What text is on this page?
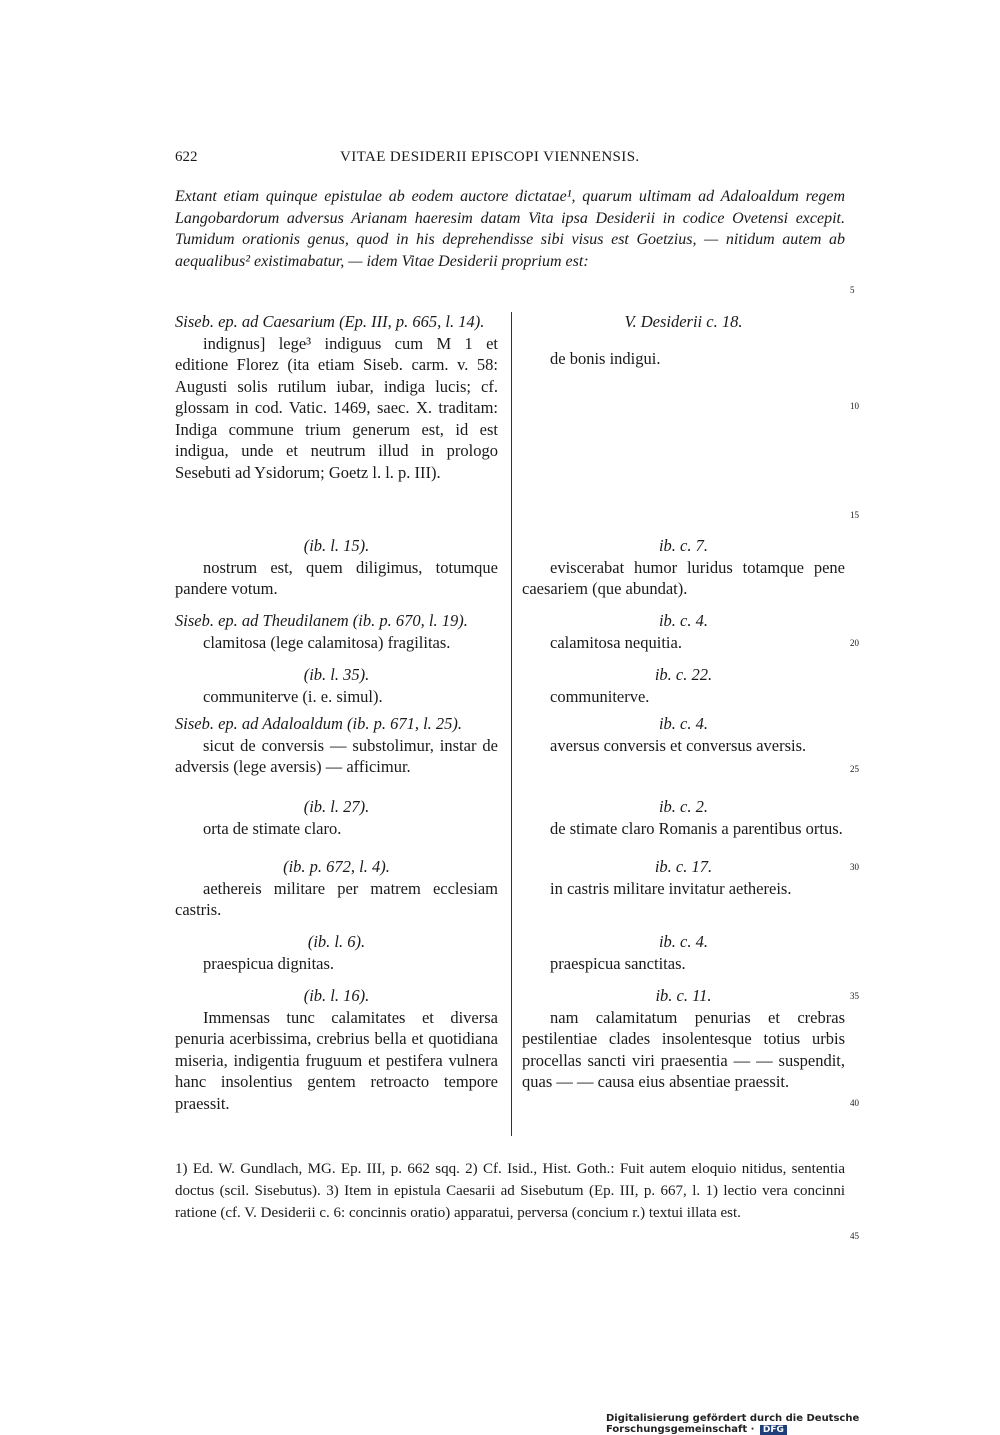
622	VITAE DESIDERII EPISCOPI VIENNENSIS.
Extant etiam quinque epistulae ab eodem auctore dictatae¹, quarum ultimam ad Adaloaldum regem Langobardorum adversus Arianam haeresim datam Vita ipsa Desiderii in codice Ovetensi excepit. Tumidum orationis genus, quod in his deprehendisse sibi visus est Goetzius, — nitidum autem ab aequalibus² existimabatur, — idem Vitae Desiderii proprium est:
Siseb. ep. ad Caesarium (Ep. III, p. 665, l. 14).
indignus] lege³ indiguus cum M 1 et editione Florez (ita etiam Siseb. carm. v. 58: Augusti solis rutilum iubar, indiga lucis; cf. glossam in cod. Vatic. 1469, saec. X. traditam: Indiga commune trium generum est, id est indigua, unde et neutrum illud in prologo Sesebuti ad Ysidorum; Goetz l. l. p. III).
(ib. l. 15).
nostrum est, quem diligimus, totumque pandere votum.
Siseb. ep. ad Theudilanem (ib. p. 670, l. 19).
clamitosa (lege calamitosa) fragilitas.
(ib. l. 35).
communiterve (i. e. simul).
Siseb. ep. ad Adaloaldum (ib. p. 671, l. 25).
sicut de conversis — substolimur, instar de adversis (lege aversis) — afficimur.
(ib. l. 27).
orta de stimate claro.
(ib. p. 672, l. 4).
aethereis militare per matrem ecclesiam castris.
(ib. l. 6).
praespicua dignitas.
(ib. l. 16).
Immensas tunc calamitates et diversa penuria acerbissima, crebrius bella et quotidiana miseria, indigentia fruguum et pestifera vulnera hanc insolentius gentem retroacto tempore praessit.
V. Desiderii c. 18.
de bonis indigui.
ib. c. 7.
eviscerabat humor luridus totamque pene caesariem (que abundat).
ib. c. 4.
calamitosa nequitia.
ib. c. 22.
communiterve.
ib. c. 4.
aversus conversis et conversus aversis.
ib. c. 2.
de stimate claro Romanis a parentibus ortus.
ib. c. 17.
in castris militare invitatur aethereis.
ib. c. 4.
praespicua sanctitas.
ib. c. 11.
nam calamitatum penurias et crebras pestilentiae clades insolentesque totius urbis procellas sancti viri praesentia — — suspendit, quas — — causa eius absentiae praessit.
5
10
15
20
25
30
35
40
45
1) Ed. W. Gundlach, MG. Ep. III, p. 662 sqq. 2) Cf. Isid., Hist. Goth.: Fuit autem eloquio nitidus, sententia doctus (scil. Sisebutus). 3) Item in epistula Caesarii ad Sisebutum (Ep. III, p. 667, l. 1) lectio vera concinni ratione (cf. V. Desiderii c. 6: concinnis oratio) apparatui, perversa (concium r.) textui illata est.
Digitalisierung gefördert durch die Deutsche Forschungsgemeinschaft · DFG
